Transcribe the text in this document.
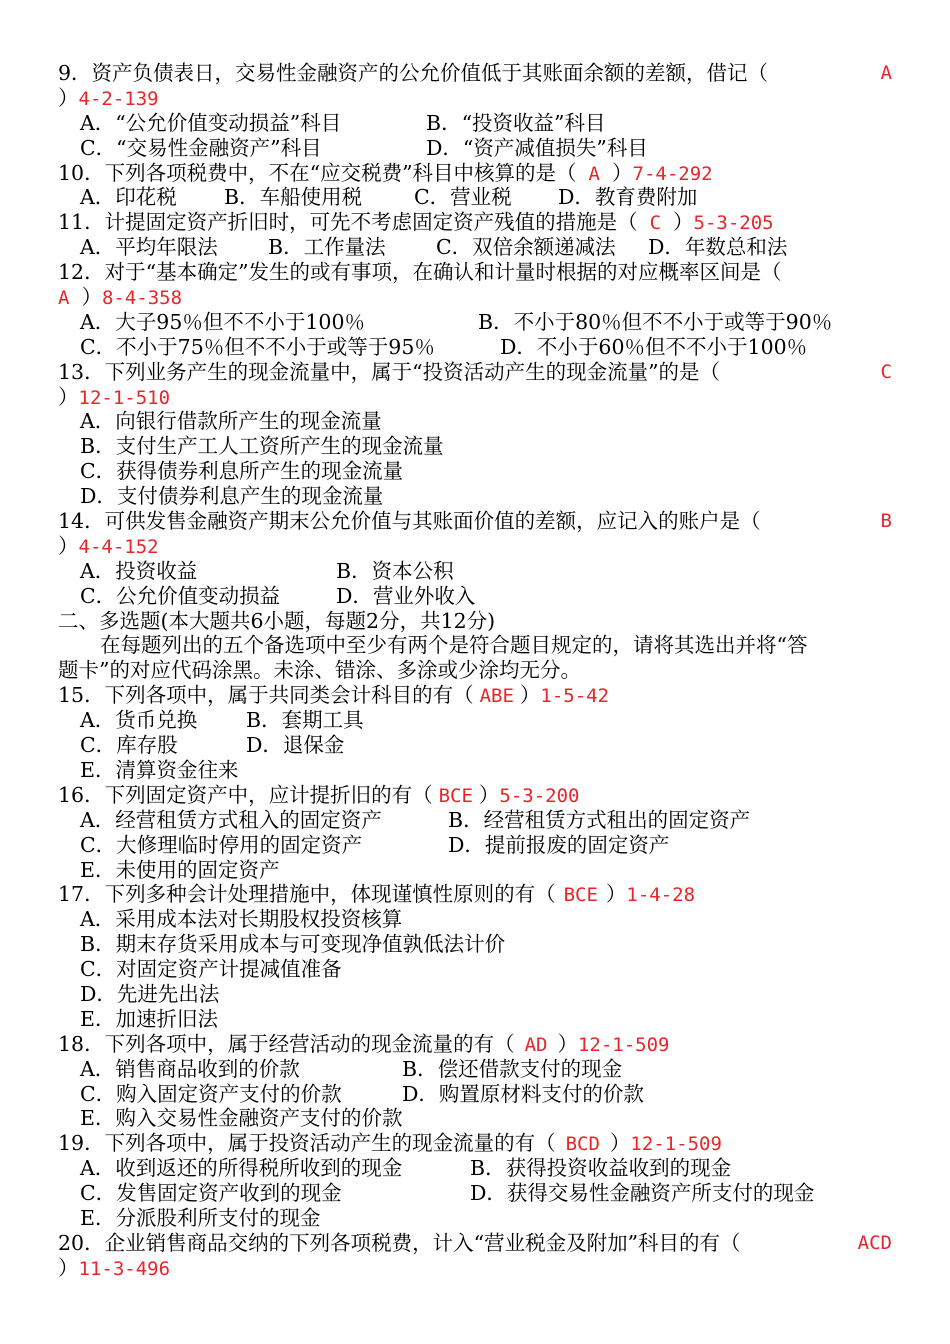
9．资产负债表日，交易性金融资产的公允价值低于其账面余额的差额，借记（	A
）4-2-139
A．“公允价值变动损益”科目	B．“投资收益”科目
C．“交易性金融资产”科目	D．“资产减值损失”科目
10．下列各项税费中，不在“应交税费”科目中核算的是（ A ）7-4-292
A．印花税 B．车船使用税	C．营业税 D．教育费附加
11．计提固定资产折旧时，可先不考虑固定资产残值的措施是（ C ）5-3-205
A．平均年限法 B．工作量法 C．双倍余额递减法 D．年数总和法
12．对于“基本确定”发生的或有事项，在确认和计量时根据的对应概率区间是（
A ）8-4-358
A．大子95％但不不小于100％	B．不小于80％但不不小于或等于90％
C．不小于75％但不不小于或等于95％	D．不小于60％但不不小于100％
13．下列业务产生的现金流量中，属于“投资活动产生的现金流量”的是（	C
）12-1-510
A．向银行借款所产生的现金流量
B．支付生产工人工资所产生的现金流量
C．获得债券利息所产生的现金流量
D．支付债券利息产生的现金流量
14．可供发售金融资产期末公允价值与其账面价值的差额，应记入的账户是（	B
）4-4-152
A．投资收益	B．资本公积
C．公允价值变动损益	D．营业外收入
二、多选题(本大题共6小题，每题2分，共12分)
在每题列出的五个备选项中至少有两个是符合题目规定的，请将其选出并将“答
题卡”的对应代码涂黑。未涂、错涂、多涂或少涂均无分。
15．下列各项中，属于共同类会计科目的有（ ABE ）1-5-42
A．货币兑换 B．套期工具
C．库存股	D．退保金
E．清算资金往来
16．下列固定资产中，应计提折旧的有（ BCE ）5-3-200
A．经营租赁方式租入的固定资产	B．经营租赁方式租出的固定资产
C．大修理临时停用的固定资产	D．提前报废的固定资产
E．未使用的固定资产
17．下列多种会计处理措施中，体现谨慎性原则的有（ BCE ）1-4-28
A．采用成本法对长期股权投资核算
B．期末存货采用成本与可变现净值孰低法计价
C．对固定资产计提减值准备
D．先进先出法
E．加速折旧法
18．下列各项中，属于经营活动的现金流量的有（ AD ）12-1-509
A．销售商品收到的价款	B．偿还借款支付的现金
C．购入固定资产支付的价款	D．购置原材料支付的价款
E．购入交易性金融资产支付的价款
19．下列各项中，属于投资活动产生的现金流量的有（ BCD ）12-1-509
A．收到返还的所得税所收到的现金	B．获得投资收益收到的现金
C．发售固定资产收到的现金	D．获得交易性金融资产所支付的现金
E．分派股利所支付的现金
20．企业销售商品交纳的下列各项税费，计入“营业税金及附加”科目的有（	ACD
）11-3-496
